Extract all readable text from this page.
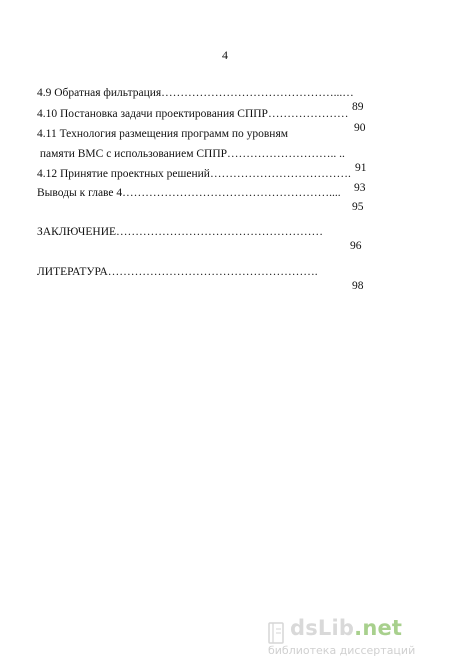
4

4.9 Обратная фильтрация………………………………………...…

89

4.10 Постановка задачи проектирования СППР…………………

90

4.11 Технология размещения программ по уровням

памяти ВМС с использованием СППР……………………….. ..

91

4.12 Принятие проектных решений……………………………….

93

Выводы к главе 4………………………………………………....

95

ЗАКЛЮЧЕНИЕ………………………………………………

96

ЛИТЕРАТУРА……………………………………………….

98

dsLib.net
библиотека диссертаций
